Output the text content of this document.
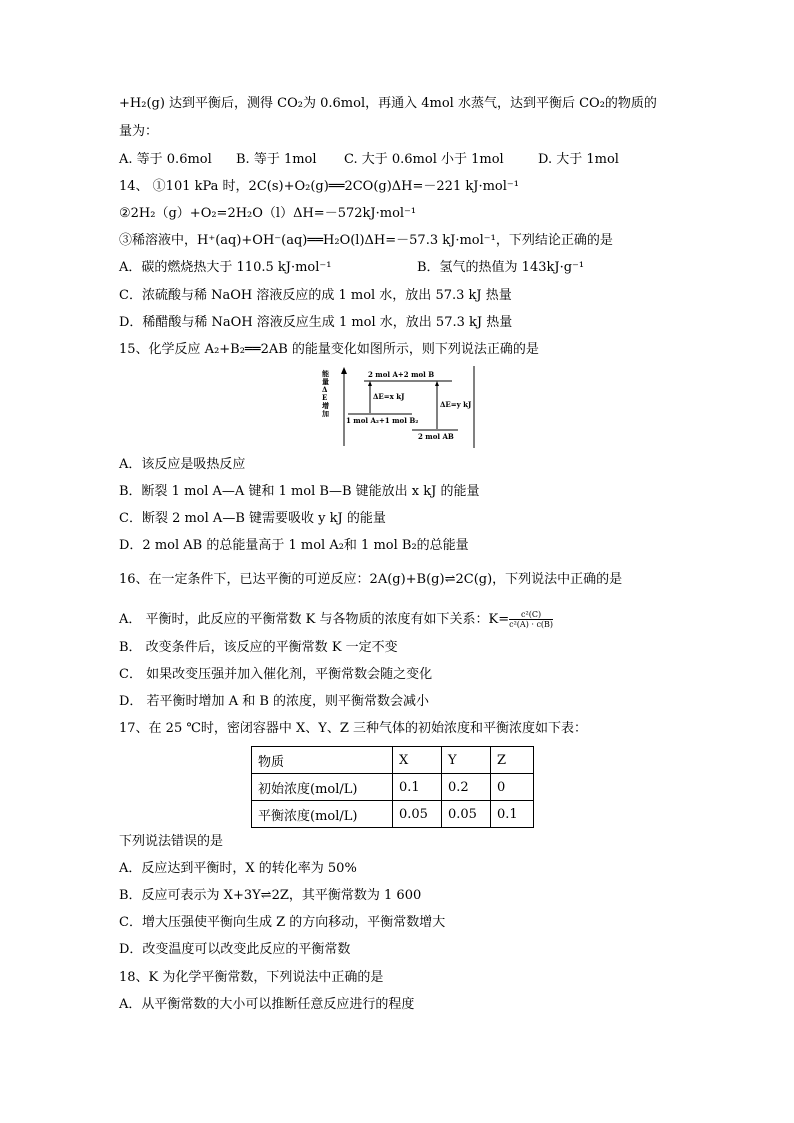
+H₂(g) 达到平衡后，测得 CO₂为 0.6mol，再通入 4mol 水蒸气，达到平衡后 CO₂的物质的
量为：
A. 等于 0.6mol B. 等于 1mol C. 大于 0.6mol 小于 1mol	D. 大于 1mol
14、 ①101 kPa 时，2C(s)+O₂(g)══2CO(g)ΔH=－221 kJ·mol⁻¹
②2H₂（g）+O₂=2H₂O（l）ΔH=－572kJ·mol⁻¹
③稀溶液中，H⁺(aq)+OH⁻(aq)══H₂O(l)ΔH=－57.3 kJ·mol⁻¹，下列结论正确的是
A．碳的燃烧热大于 110.5 kJ·mol⁻¹	B．氢气的热值为 143kJ·g⁻¹
C．浓硫酸与稀 NaOH 溶液反应的成 1 mol 水，放出 57.3 kJ 热量
D．稀醋酸与稀 NaOH 溶液反应生成 1 mol 水，放出 57.3 kJ 热量
15、化学反应 A₂+B₂══2AB 的能量变化如图所示，则下列说法正确的是
能量ΔE增加
2 mol A+2 mol B
ΔE=x kJ
ΔE=y kJ
1 mol A₂+1 mol B₂
2 mol AB
A．该反应是吸热反应
B．断裂 1 mol A—A 键和 1 mol B—B 键能放出 x kJ 的能量
C．断裂 2 mol A—B 键需要吸收 y kJ 的能量
D．2 mol AB 的总能量高于 1 mol A₂和 1 mol B₂的总能量
16、在一定条件下，已达平衡的可逆反应：2A(g)+B(g)⇌2C(g)，下列说法中正确的是
A． 平衡时，此反应的平衡常数 K 与各物质的浓度有如下关系：$K= \frac{\text{c²(C)}}{\text{c²(A) · c(B)}}$
B． 改变条件后，该反应的平衡常数 K 一定不变
C． 如果改变压强并加入催化剂，平衡常数会随之变化
D． 若平衡时增加 A 和 B 的浓度，则平衡常数会减小
17、在 25 ℃时，密闭容器中 X、Y、Z 三种气体的初始浓度和平衡浓度如下表：
物质	X	Y	Z
初始浓度(mol/L)	0.1	0.2	0
平衡浓度(mol/L)	0.05	0.05	0.1
下列说法错误的是
A．反应达到平衡时，X 的转化率为 50%
B．反应可表示为 X+3Y⇌2Z，其平衡常数为 1 600
C．增大压强使平衡向生成 Z 的方向移动，平衡常数增大
D．改变温度可以改变此反应的平衡常数
18、K 为化学平衡常数，下列说法中正确的是
A．从平衡常数的大小可以推断任意反应进行的程度
